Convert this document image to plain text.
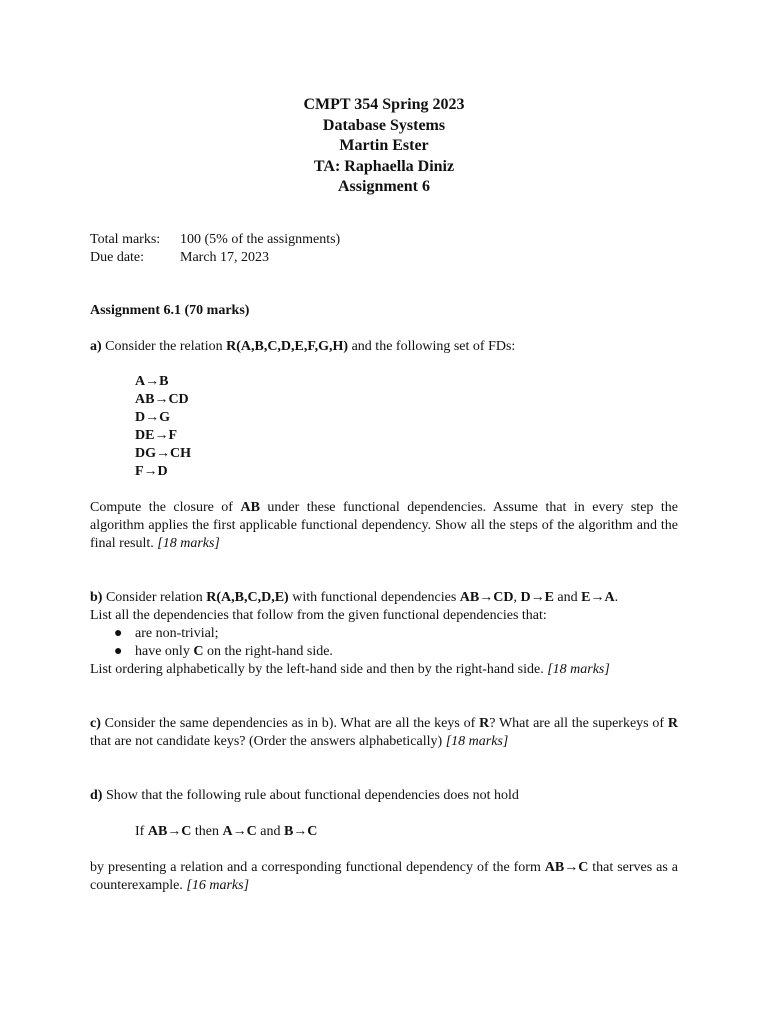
CMPT 354 Spring 2023
Database Systems
Martin Ester
TA: Raphaella Diniz
Assignment 6
Total marks:	100 (5% of the assignments)
Due date:	March 17, 2023
Assignment 6.1 (70 marks)
a) Consider the relation R(A,B,C,D,E,F,G,H) and the following set of FDs:
A→B
AB→CD
D→G
DE→F
DG→CH
F→D
Compute the closure of AB under these functional dependencies. Assume that in every step the algorithm applies the first applicable functional dependency. Show all the steps of the algorithm and the final result. [18 marks]
b) Consider relation R(A,B,C,D,E) with functional dependencies AB→CD, D→E and E→A.
List all the dependencies that follow from the given functional dependencies that:
● are non-trivial;
● have only C on the right-hand side.
List ordering alphabetically by the left-hand side and then by the right-hand side. [18 marks]
c) Consider the same dependencies as in b). What are all the keys of R? What are all the superkeys of R that are not candidate keys? (Order the answers alphabetically) [18 marks]
d) Show that the following rule about functional dependencies does not hold
If AB→C then A→C and B→C
by presenting a relation and a corresponding functional dependency of the form AB→C that serves as a counterexample. [16 marks]
